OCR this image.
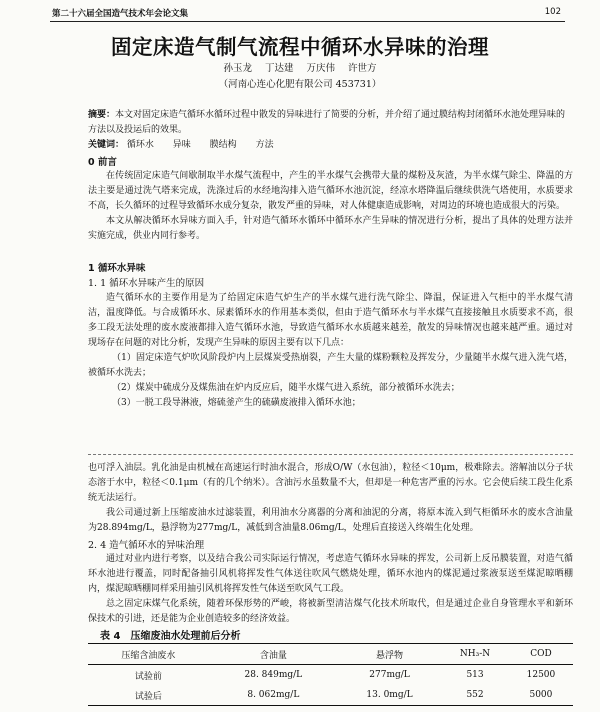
第二十六届全国造气技术年会论文集	102
固定床造气制气流程中循环水异味的治理
孙玉龙 丁达建 万庆伟 许世方
（河南心连心化肥有限公司 453731）
摘要：本文对固定床造气循环水循环过程中散发的异味进行了简要的分析，并介绍了通过膜结构封闭循环水池处理异味的方法以及投运后的效果。
关键词： 循环水 异味 膜结构 方法
0 前言

在传统固定床造气间歇制取半水煤气流程中，产生的半水煤气会携带大量的煤粉及灰渣，为半水煤气除尘、降温的方法主要是通过洗气塔来完成，洗涤过后的水经地沟排入造气循环水池沉淀，经凉水塔降温后继续供洗气塔使用，水质要求不高，长久循环的过程导致循环水成分复杂，散发严重的异味，对人体健康造成影响，对周边的环境也造成很大的污染。

本文从解决循环水异味方面入手，针对造气循环水循环中循环水产生异味的情况进行分析，提出了具体的处理方法并实施完成，供业内同行参考。

1 循环水异味
1. 1 循环水异味产生的原因

造气循环水的主要作用是为了给固定床造气炉生产的半水煤气进行洗气除尘、降温，保证进入气柜中的半水煤气清洁，温度降低。与合成循环水、尿素循环水的作用基本类似，但由于造气循环水与半水煤气直接接触且水质要求不高，很多工段无法处理的废水废液都排入造气循环水池，导致造气循环水水质越来越差，散发的异味情况也越来越严重。通过对现场存在问题的对比分析，发现产生异味的原因主要有以下几点：

（1）固定床造气炉吹风阶段炉内上层煤炭受热崩裂，产生大量的煤粉颗粒及挥发分，少量随半水煤气进入洗气塔，被循环水洗去；

（2）煤炭中硫成分及煤焦油在炉内反应后，随半水煤气进入系统，部分被循环水洗去；

（3）一脱工段导淋液，熔硫釜产生的硫磺废液排入循环水池；

也可浮入油层。乳化油是由机械在高速运行时油水混合，形成O/W（水包油），粒径＜10μm，极难除去。溶解油以分子状态溶于水中，粒径＜0.1μm（有的几个纳米）。含油污水虽数量不大，但却是一种危害严重的污水。它会使后续工段生化系统无法运行。

我公司通过新上压缩废油水过滤装置，利用油水分离器的分离和油泥的分离，将原本流入到气柜循环水的废水含油量为28.894mg/L，悬浮物为277mg/L，减低到含油量8.06mg/L，处理后直接送入终端生化处理。

2. 4 造气循环水的异味治理

通过对业内进行考察，以及结合我公司实际运行情况，考虑造气循环水异味的挥发，公司新上反吊膜装置，对造气循环水池进行覆盖，同时配备抽引风机将挥发性气体送往吹风气燃烧处理，循环水池内的煤泥通过浆液泵送至煤泥晾晒棚内，煤泥晾晒棚同样采用抽引风机将挥发性气体送至吹风气工段。

总之固定床煤气化系统，随着环保形势的严峻，将被新型清洁煤气化技术所取代，但是通过企业自身管理水平和新环保技术的引进，还是能为企业创造较多的经济效益。

表 4　压缩废油水处理前后分析
压缩含油废水	含油量	悬浮物	NH₃-N	COD
试验前	28. 849mg/L	277mg/L	513	12500
试验后	8. 062mg/L	13. 0mg/L	552	5000
